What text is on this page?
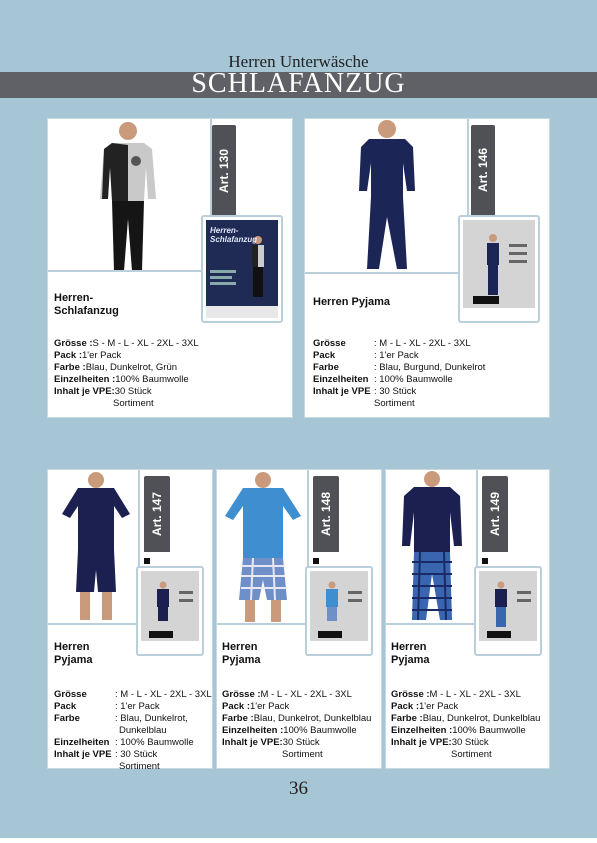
Herren Unterwäsche
SCHLAFANZUG
Art. 130
Herren-
Schlafanzug
Herren-
Schlafanzug
Grösse : S - M - L - XL - 2XL - 3XL
Pack : 1'er Pack
Farbe : Blau, Dunkelrot, Grün
Einzelheiten : 100% Baumwolle
Inhalt je VPE: 30 Stück
Sortiment
Art. 146
Herren Pyjama
Grösse	: M - L - XL - 2XL - 3XL
Pack	: 1'er Pack
Farbe	: Blau, Burgund, Dunkelrot
Einzelheiten : 100% Baumwolle
Inhalt je VPE : 30 Stück
Sortiment
Art. 147
Herren
Pyjama
Grösse	: M - L - XL - 2XL - 3XL
Pack	: 1'er Pack
Farbe	: Blau, Dunkelrot,
Dunkelblau
Einzelheiten : 100% Baumwolle
Inhalt je VPE : 30 Stück
Sortiment
Art. 148
Herren
Pyjama
Grösse : M - L - XL - 2XL - 3XL
Pack : 1'er Pack
Farbe : Blau, Dunkelrot, Dunkelblau
Einzelheiten : 100% Baumwolle
Inhalt je VPE: 30 Stück
Sortiment
Art. 149
Herren
Pyjama
Grösse : M - L - XL - 2XL - 3XL
Pack : 1'er Pack
Farbe : Blau, Dunkelrot, Dunkelblau
Einzelheiten : 100% Baumwolle
Inhalt je VPE: 30 Stück
Sortiment
36
